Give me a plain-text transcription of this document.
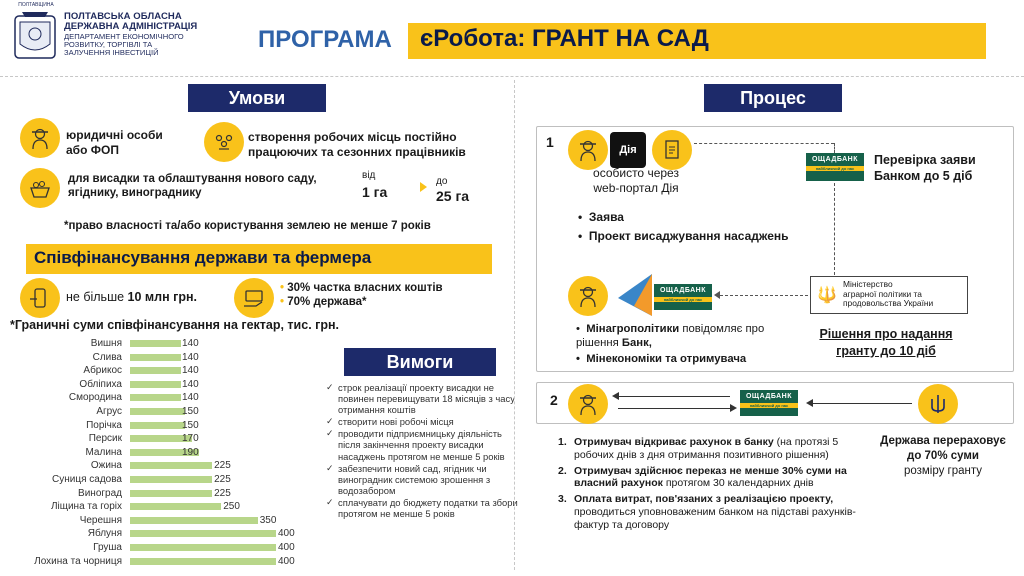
ПОЛТАВЩИНА
ПОЛТАВСЬКА ОБЛАСНА
ДЕРЖАВНА АДМІНІСТРАЦІЯ
ДЕПАРТАМЕНТ ЕКОНОМІЧНОГО
РОЗВИТКУ, ТОРГІВЛІ ТА
ЗАЛУЧЕННЯ ІНВЕСТИЦІЙ	ПРОГРАМА єРобота: ГРАНТ НА САД
Умови
юридичні особи
або ФОП
створення робочих місць постійно
працюючих та сезонних працівників
для висадки та облаштування нового саду,
ягіднику, винограднику
від
1 га
до
25 га
*право власності та/або користування землею не менше 7 років
Співфінансування держави та фермера
не більше 10 млн грн.
• 30% частка власних коштів
• 70% держава*
*Граничні суми співфінансування на гектар, тис. грн.
Вишня	140
Слива	140
Абрикос	140
Обліпиха	140
Смородина	140
Агрус	150
Порічка	150
Персик	170
Малина	190
Ожина	225
Суниця садова	225
Виноград	225
Ліщина та горіх	250
Черешня	350
Яблуня	400
Груша	400
Лохина та чорниця	400
Вимоги
✓ строк реалізації проекту висадки не повинен перевищувати 18 місяців з часу отримання коштів
✓ створити нові робочі місця
✓ проводити підприємницьку діяльність після закінчення проекту висадки насаджень протягом не менше 5 років
✓ забезпечити новий сад, ягідник чи виноградник системою зрошення з водозабором
✓ сплачувати до бюджету податки та збори протягом не менше 5 років
Процес
1	Дія
особисто через
web-портал Дія
•  Заява
•  Проект висаджування насаджень
ОЩАДБАНК
найближчий до нас
Перевірка заяви
Банком до 5 діб
🔱
Міністерство
аграрної політики та
продовольства України
ОЩАДБАНК
найближчий до нас
•  Мінагрополітики повідомляє про рішення Банк,
•  Мінекономіки та отримувача
Рішення про надання
гранту до 10 діб
2	ОЩАДБАНК
найближчий до нас
1. Отримувач відкриває рахунок в банку (на протязі 5 робочих днів з дня отримання позитивного рішення)
2. Отримувач здійснює переказ не менше 30% суми на власний рахунок протягом 30 календарних днів
3. Оплата витрат, пов'язаних з реалізацією проекту, проводиться уповноваженим банком на підставі рахунків-фактур та договору
Держава перераховує
до 70% суми
розміру гранту
